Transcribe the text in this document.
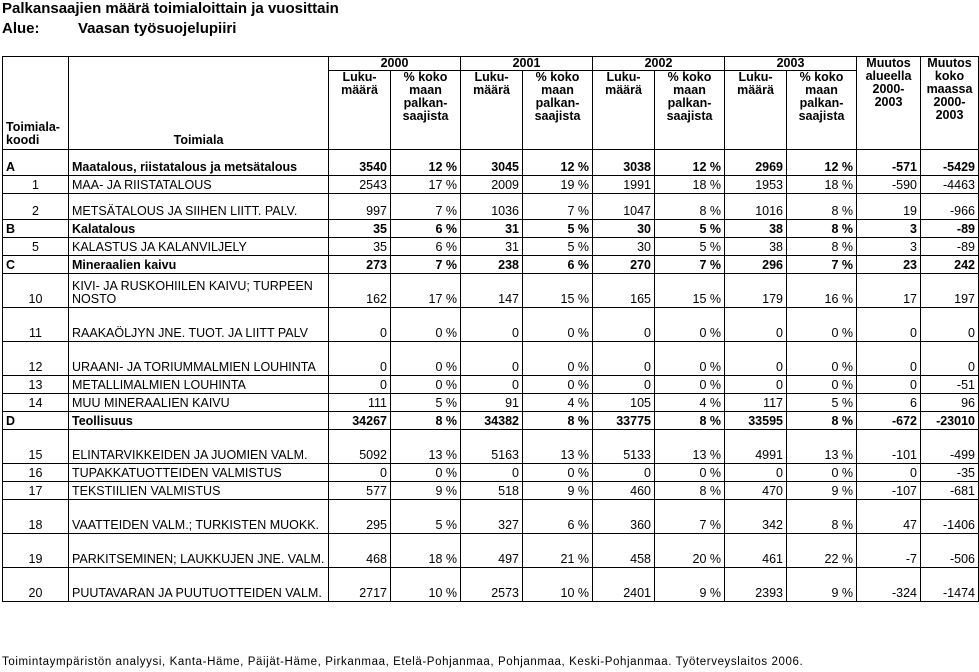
Palkansaajien määrä toimialoittain ja vuosittain
Alue:	Vaasan työsuojelupiiri
Toimiala-koodi	Toimiala	2000		2001		2002		2003		Muutos alueella 2000-2003	Muutos koko maassa 2000-2003
		Luku-määrä	% koko maan palkan-saajista	Luku-määrä	% koko maan palkan-saajista	Luku-määrä	% koko maan palkan-saajista	Luku-määrä	% koko maan palkan-saajista		
A	Maatalous, riistatalous ja metsätalous	3540	12 %	3045	12 %	3038	12 %	2969	12 %	-571	-5429
1	MAA- JA RIISTATALOUS	2543	17 %	2009	19 %	1991	18 %	1953	18 %	-590	-4463
2	METSÄTALOUS JA SIIHEN LIITT. PALV.	997	7 %	1036	7 %	1047	8 %	1016	8 %	19	-966
B	Kalatalous	35	6 %	31	5 %	30	5 %	38	8 %	3	-89
5	KALASTUS JA KALANVILJELY	35	6 %	31	5 %	30	5 %	38	8 %	3	-89
C	Mineraalien kaivu	273	7 %	238	6 %	270	7 %	296	7 %	23	242
10	KIVI- JA RUSKOHIILEN KAIVU; TURPEEN NOSTO	162	17 %	147	15 %	165	15 %	179	16 %	17	197
11	RAAKAÖLJYN JNE. TUOT. JA LIITT PALV	0	0 %	0	0 %	0	0 %	0	0 %	0	0
12	URAANI- JA TORIUMMALMIEN LOUHINTA	0	0 %	0	0 %	0	0 %	0	0 %	0	0
13	METALLIMALMIEN LOUHINTA	0	0 %	0	0 %	0	0 %	0	0 %	0	-51
14	MUU MINERAALIEN KAIVU	111	5 %	91	4 %	105	4 %	117	5 %	6	96
D	Teollisuus	34267	8 %	34382	8 %	33775	8 %	33595	8 %	-672	-23010
15	ELINTARVIKKEIDEN JA JUOMIEN VALM.	5092	13 %	5163	13 %	5133	13 %	4991	13 %	-101	-499
16	TUPAKKATUOTTEIDEN VALMISTUS	0	0 %	0	0 %	0	0 %	0	0 %	0	-35
17	TEKSTIILIEN VALMISTUS	577	9 %	518	9 %	460	8 %	470	9 %	-107	-681
18	VAATTEIDEN VALM.; TURKISTEN MUOKK.	295	5 %	327	6 %	360	7 %	342	8 %	47	-1406
19	PARKITSEMINEN; LAUKKUJEN JNE. VALM.	468	18 %	497	21 %	458	20 %	461	22 %	-7	-506
20	PUUTAVARAN JA PUUTUOTTEIDEN VALM.	2717	10 %	2573	10 %	2401	9 %	2393	9 %	-324	-1474
Toimintaympäristön analyysi, Kanta-Häme, Päijät-Häme, Pirkanmaa, Etelä-Pohjanmaa, Pohjanmaa, Keski-Pohjanmaa. Työterveyslaitos 2006.
